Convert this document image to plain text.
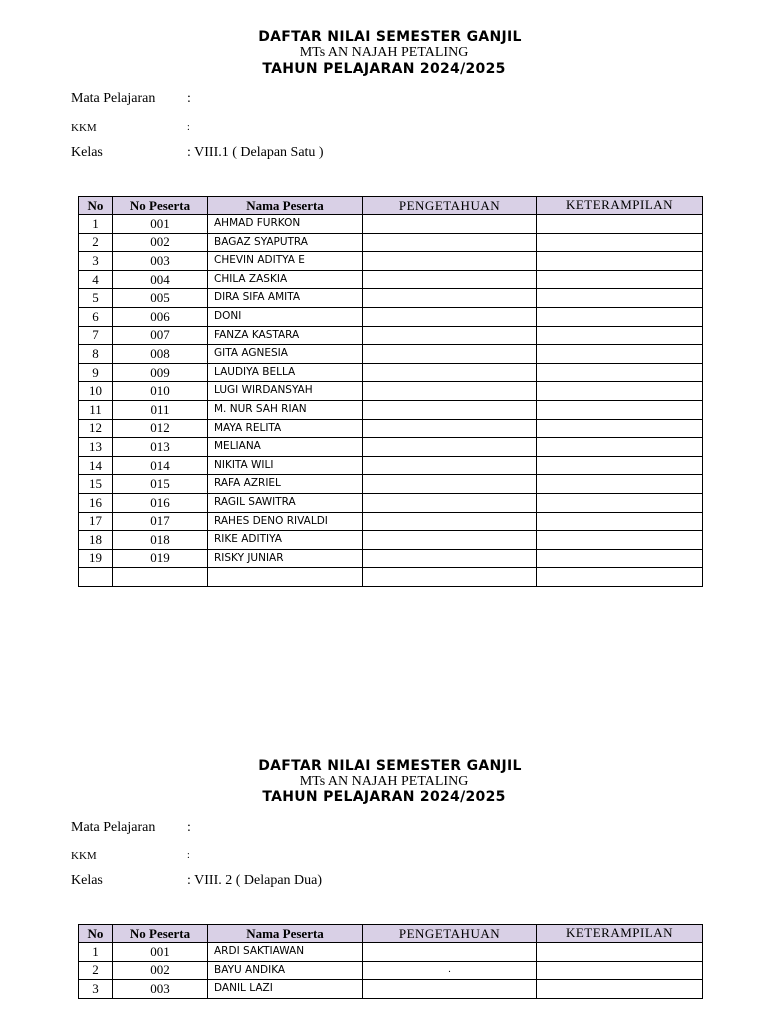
DAFTAR NILAI SEMESTER GANJIL
MTs AN NAJAH PETALING
TAHUN PELAJARAN 2024/2025
Mata Pelajaran :
KKM	:
Kelas	: VIII.1 ( Delapan Satu )
No	No Peserta	Nama Peserta	PENGETAHUAN	KETERAMPILAN
1	001	AHMAD FURKON		
2	002	BAGAZ SYAPUTRA		
3	003	CHEVIN ADITYA E		
4	004	CHILA ZASKIA		
5	005	DIRA SIFA AMITA		
6	006	DONI		
7	007	FANZA KASTARA		
8	008	GITA AGNESIA		
9	009	LAUDIYA BELLA		
10	010	LUGI WIRDANSYAH		
11	011	M. NUR SAH RIAN		
12	012	MAYA RELITA		
13	013	MELIANA		
14	014	NIKITA WILI		
15	015	RAFA AZRIEL		
16	016	RAGIL SAWITRA		
17	017	RAHES DENO RIVALDI		
18	018	RIKE ADITIYA		
19	019	RISKY JUNIAR		

DAFTAR NILAI SEMESTER GANJIL
MTs AN NAJAH PETALING
TAHUN PELAJARAN 2024/2025
Mata Pelajaran :
KKM	:
Kelas	: VIII. 2 ( Delapan Dua)
No	No Peserta	Nama Peserta	PENGETAHUAN	KETERAMPILAN
1	001	ARDI SAKTIAWAN		
2	002	BAYU ANDIKA	.	

3	003	DANIL LAZI		
